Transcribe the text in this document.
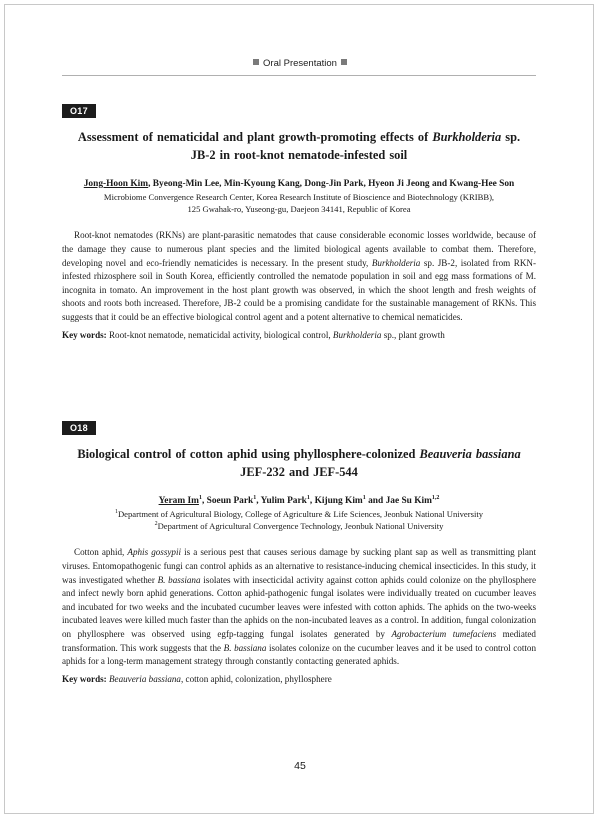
Oral Presentation
O17

Assessment of nematicidal and plant growth-promoting effects of Burkholderia sp.
JB-2 in root-knot nematode-infested soil

Jong-Hoon Kim, Byeong-Min Lee, Min-Kyoung Kang, Dong-Jin Park, Hyeon Ji Jeong and Kwang-Hee Son
Microbiome Convergence Research Center, Korea Research Institute of Bioscience and Biotechnology (KRIBB),
125 Gwahak-ro, Yuseong-gu, Daejeon 34141, Republic of Korea

Root-knot nematodes (RKNs) are plant-parasitic nematodes that cause considerable economic losses worldwide, because of the damage they cause to numerous plant species and the limited biological agents available to combat them. Therefore, developing novel and eco-friendly nematicides is necessary. In the present study, Burkholderia sp. JB-2, isolated from RKN-infested rhizosphere soil in South Korea, efficiently controlled the nematode population in soil and egg mass formations of M. incognita in tomato. An improvement in the host plant growth was observed, in which the shoot length and fresh weights of shoots and roots both increased. Therefore, JB-2 could be a promising candidate for the sustainable management of RKNs. This suggests that it could be an effective biological control agent and a potent alternative to chemical nematicides.

Key words: Root-knot nematode, nematicidal activity, biological control, Burkholderia sp., plant growth
O18

Biological control of cotton aphid using phyllosphere-colonized Beauveria bassiana
JEF-232 and JEF-544

Yeram Im$^1$, Soeun Park$^1$, Yulim Park$^1$, Kijung Kim$^1$ and Jae Su Kim$^{1,2}$
$^1$Department of Agricultural Biology, College of Agriculture & Life Sciences, Jeonbuk National University
$^2$Department of Agricultural Convergence Technology, Jeonbuk National University

Cotton aphid, Aphis gossypii is a serious pest that causes serious damage by sucking plant sap as well as transmitting plant viruses. Entomopathogenic fungi can control aphids as an alternative to resistance-inducing chemical insecticides. In this study, it was investigated whether B. bassiana isolates with insecticidal activity against cotton aphids could colonize on the phyllosphere and infect newly born aphid generations. Cotton aphid-pathogenic fungal isolates were individually treated on cucumber leaves and incubated for two weeks and the incubated cucumber leaves were infested with cotton aphids. The aphids on the two-weeks incubated leaves were killed much faster than the aphids on the non-incubated leaves as a control. In addition, fungal colonization on phyllosphere was observed using egfp-tagging fungal isolates generated by Agrobacterium tumefaciens mediated transformation. This work suggests that the B. bassiana isolates colonize on the cucumber leaves and it be used to control cotton aphids for a long-term management strategy through constantly contacting generated aphids.

Key words: Beauveria bassiana, cotton aphid, colonization, phyllosphere
45
